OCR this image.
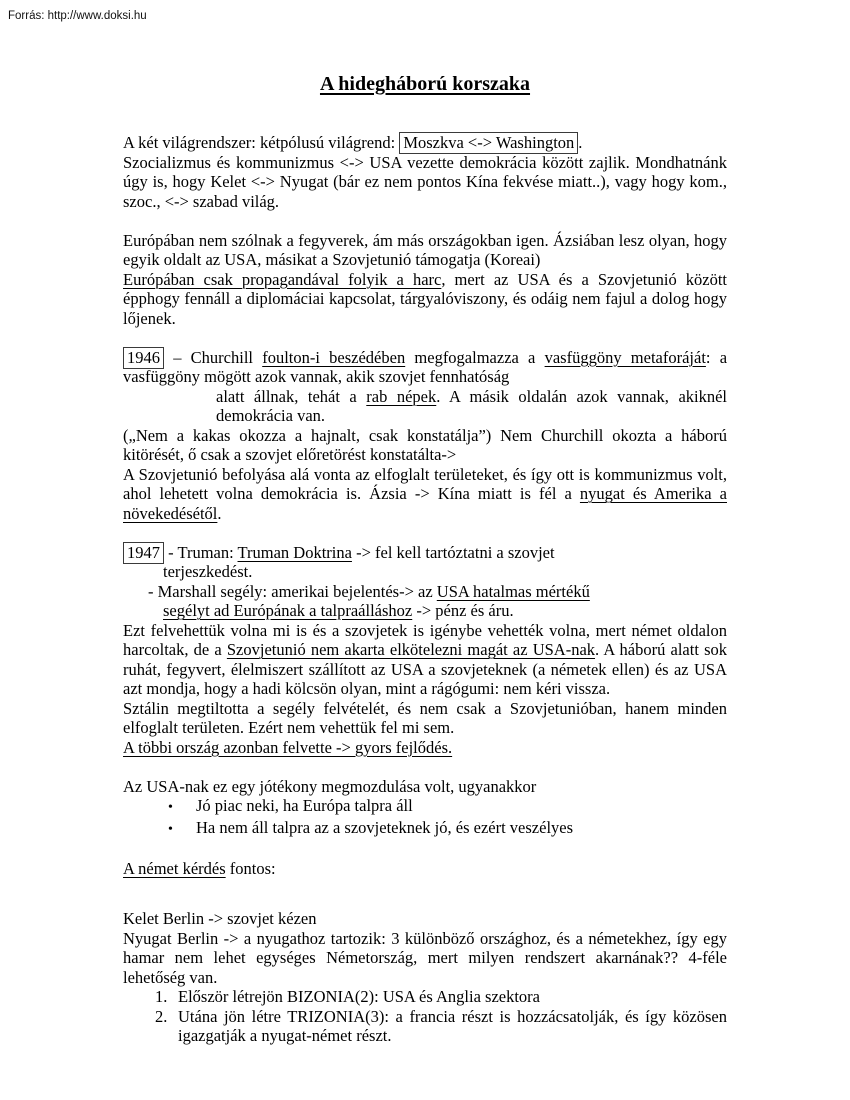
Forrás: http://www.doksi.hu
A hidegháború korszaka

A két világrendszer: kétpólusú világrend: Moszkva <-> Washington .
Szocializmus és kommunizmus <-> USA vezette demokrácia között zajlik. Mondhatnánk úgy is, hogy Kelet <-> Nyugat (bár ez nem pontos Kína fekvése miatt..), vagy hogy kom., szoc., <-> szabad világ.

Európában nem szólnak a fegyverek, ám más országokban igen. Ázsiában lesz olyan, hogy egyik oldalt az USA, másikat a Szovjetunió támogatja (Koreai)
Európában csak propagandával folyik a harc, mert az USA és a Szovjetunió között épphogy fennáll a diplomáciai kapcsolat, tárgyalóviszony, és odáig nem fajul a dolog hogy lőjenek.

1946 – Churchill foulton-i beszédében megfogalmazza a vasfüggöny metaforáját: a vasfüggöny mögött azok vannak, akik szovjet fennhatóság

alatt állnak, tehát a rab népek. A másik oldalán azok vannak, akiknél demokrácia van.

(„Nem a kakas okozza a hajnalt, csak konstatálja”) Nem Churchill okozta a háború kitörését, ő csak a szovjet előretörést konstatálta->
A Szovjetunió befolyása alá vonta az elfoglalt területeket, és így ott is kommunizmus volt, ahol lehetett volna demokrácia is. Ázsia -> Kína miatt is fél a nyugat és Amerika a növekedésétől.

1947 - Truman: Truman Doktrina -> fel kell tartóztatni a szovjet
terjeszkedést.
- Marshall segély: amerikai bejelentés-> az USA hatalmas mértékű
segélyt ad Európának a talpraálláshoz -> pénz és áru.

Ezt felvehettük volna mi is és a szovjetek is igénybe vehették volna, mert német oldalon harcoltak, de a Szovjetunió nem akarta elkötelezni magát az USA-nak. A háború alatt sok ruhát, fegyvert, élelmiszert szállított az USA a szovjeteknek (a németek ellen) és az USA azt mondja, hogy a hadi kölcsön olyan, mint a rágógumi: nem kéri vissza.
Sztálin megtiltotta a segély felvételét, és nem csak a Szovjetunióban, hanem minden elfoglalt területen. Ezért nem vehettük fel mi sem.
A többi ország azonban felvette -> gyors fejlődés.

Az USA-nak ez egy jótékony megmozdulása volt, ugyanakkor

• Jó piac neki, ha Európa talpra áll
• Ha nem áll talpra az a szovjeteknek jó, és ezért veszélyes

A német kérdés fontos:

Kelet Berlin -> szovjet kézen

Nyugat Berlin -> a nyugathoz tartozik: 3 különböző országhoz, és a németekhez, így egy hamar nem lehet egységes Németország, mert milyen rendszert akarnának?? 4-féle lehetőség van.

1. Először létrejön BIZONIA(2): USA és Anglia szektora
2. Utána jön létre TRIZONIA(3): a francia részt is hozzácsatolják, és így közösen igazgatják a nyugat-német részt.
